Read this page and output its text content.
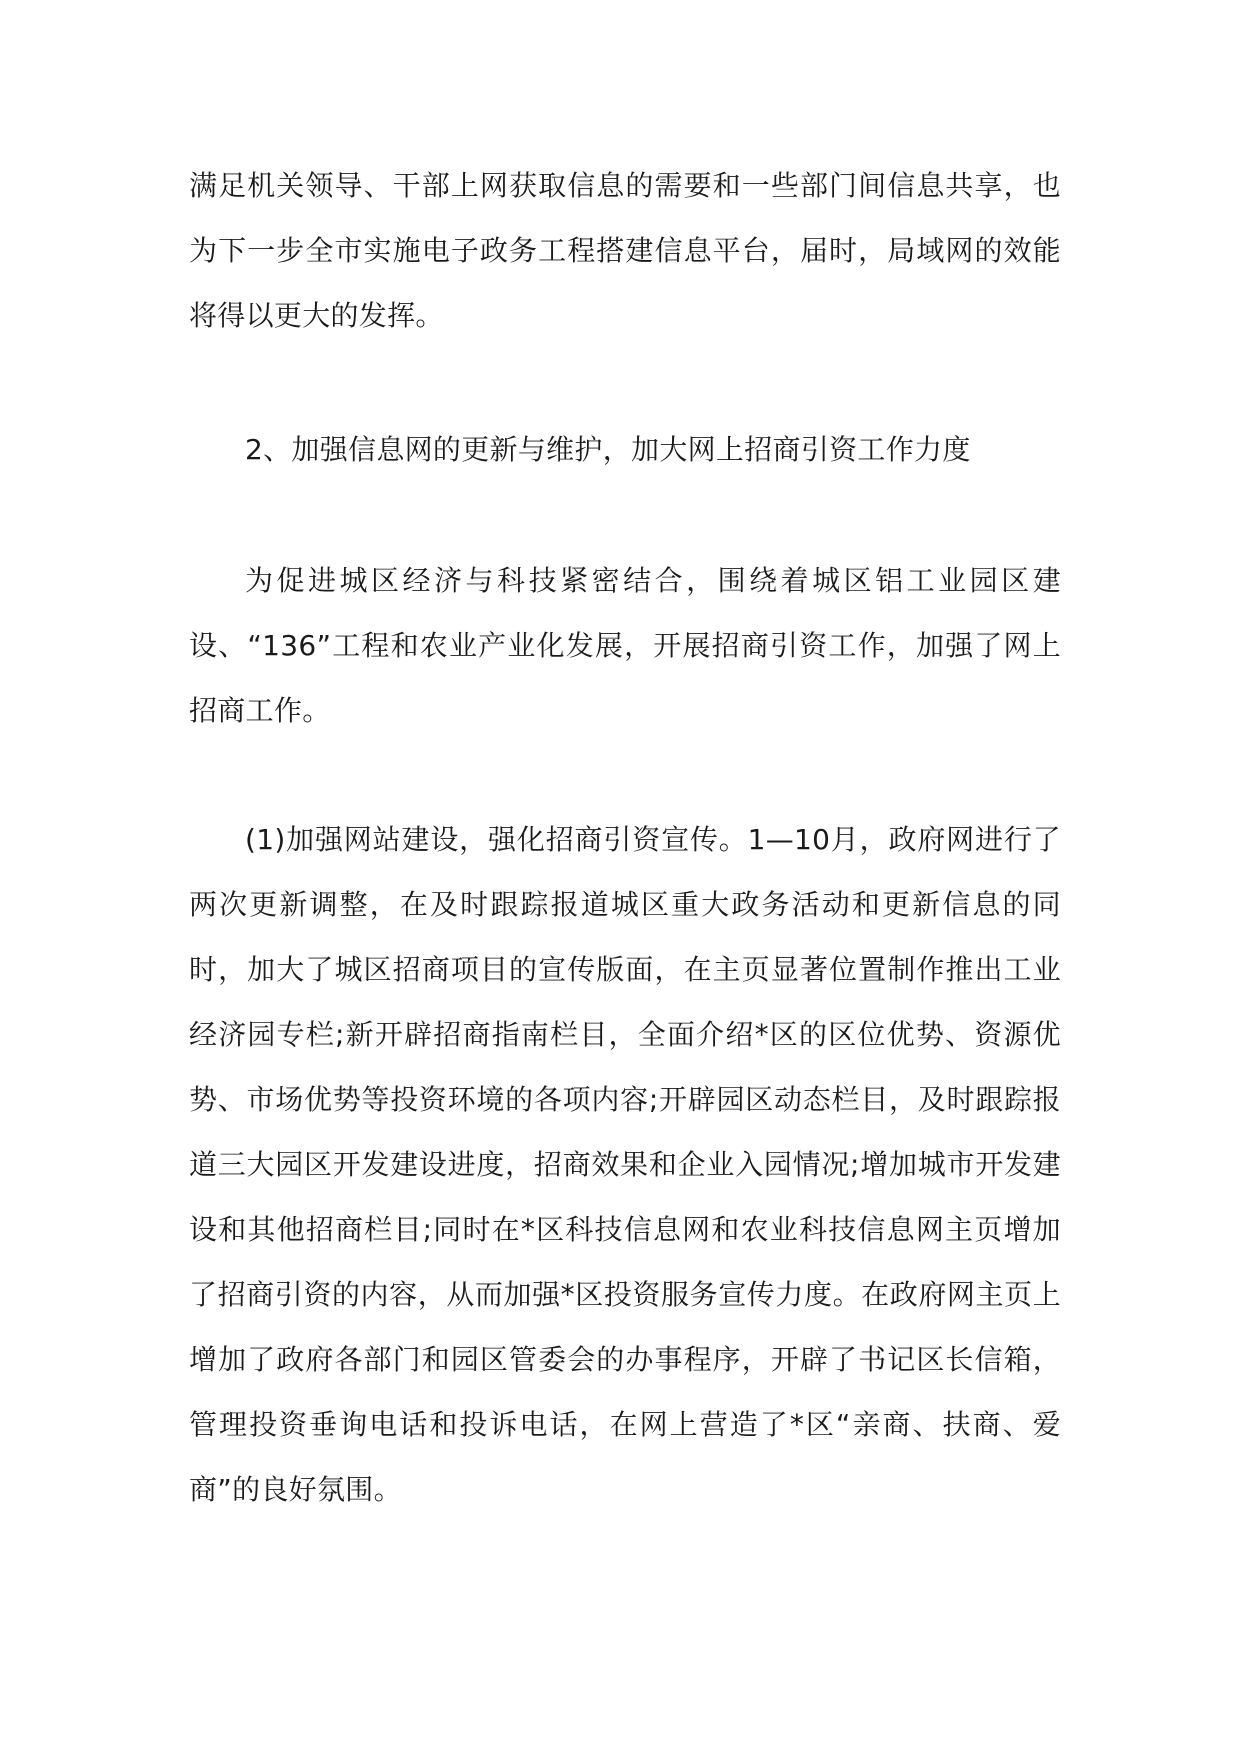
满足机关领导、干部上网获取信息的需要和一些部门间信息共享，也为下一步全市实施电子政务工程搭建信息平台，届时，局域网的效能将得以更大的发挥。

2、加强信息网的更新与维护，加大网上招商引资工作力度

为促进城区经济与科技紧密结合，围绕着城区铝工业园区建设、“136”工程和农业产业化发展，开展招商引资工作，加强了网上招商工作。

(1)加强网站建设，强化招商引资宣传。1—10月，政府网进行了两次更新调整，在及时跟踪报道城区重大政务活动和更新信息的同时，加大了城区招商项目的宣传版面，在主页显著位置制作推出工业经济园专栏;新开辟招商指南栏目，全面介绍*区的区位优势、资源优势、市场优势等投资环境的各项内容;开辟园区动态栏目，及时跟踪报道三大园区开发建设进度，招商效果和企业入园情况;增加城市开发建设和其他招商栏目;同时在*区科技信息网和农业科技信息网主页增加了招商引资的内容，从而加强*区投资服务宣传力度。在政府网主页上增加了政府各部门和园区管委会的办事程序，开辟了书记区长信箱，管理投资垂询电话和投诉电话，在网上营造了*区“亲商、扶商、爱商”的良好氛围。
